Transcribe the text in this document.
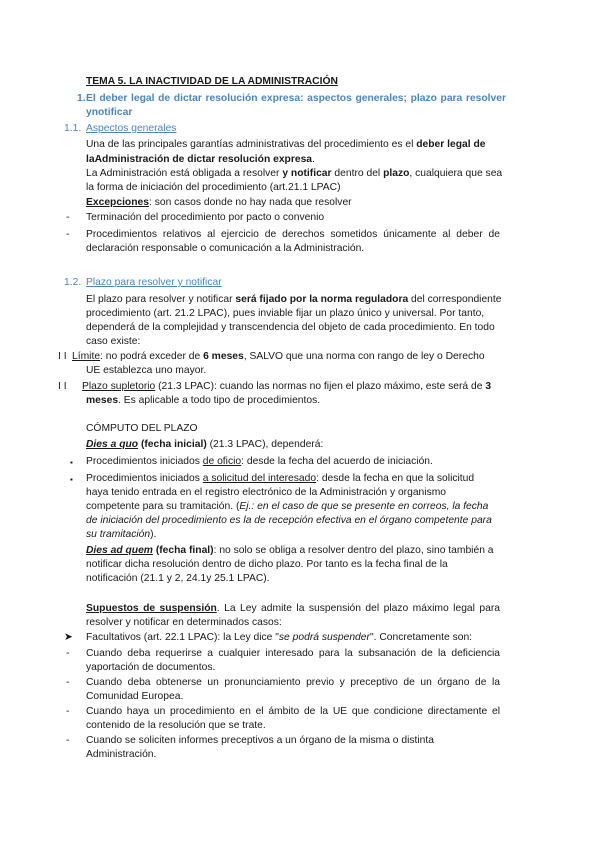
TEMA 5. LA INACTIVIDAD DE LA ADMINISTRACIÓN
1. El deber legal de dictar resolución expresa: aspectos generales; plazo para resolver
ynotificar
1.1. Aspectos generales
Una de las principales garantías administrativas del procedimiento es el deber legal de
laAdministración de dictar resolución expresa.
La Administración está obligada a resolver y notificar dentro del plazo, cualquiera que sea
la forma de iniciación del procedimiento (art.21.1 LPAC)
Excepciones: son casos donde no hay nada que resolver
- Terminación del procedimiento por pacto o convenio
- Procedimientos relativos al ejercicio de derechos sometidos únicamente al deber de
declaración responsable o comunicación a la Administración.
1.2. Plazo para resolver y notificar
El plazo para resolver y notificar será fijado por la norma reguladora del correspondiente
procedimiento (art. 21.2 LPAC), pues inviable fijar un plazo único y universal. Por tanto,
dependerá de la complejidad y transcendencia del objeto de cada procedimiento. En todo
caso existe:
I I Límite: no podrá exceder de 6 meses, SALVO que una norma con rango de ley o Derecho
UE establezca uno mayor.
I I Plazo supletorio (21.3 LPAC): cuando las normas no fijen el plazo máximo, este será de 3
meses. Es aplicable a todo tipo de procedimientos.
CÓMPUTO DEL PLAZO
Dies a quo (fecha inicial) (21.3 LPAC), dependerá:
▪ Procedimientos iniciados de oficio: desde la fecha del acuerdo de iniciación.
▪ Procedimientos iniciados a solicitud del interesado: desde la fecha en que la solicitud
haya tenido entrada en el registro electrónico de la Administración y organismo
competente para su tramitación. (Ej.: en el caso de que se presente en correos, la fecha
de iniciación del procedimiento es la de recepción efectiva en el órgano competente para
su tramitación).
Dies ad quem (fecha final): no solo se obliga a resolver dentro del plazo, sino también a
notificar dicha resolución dentro de dicho plazo. Por tanto es la fecha final de la
notificación (21.1 y 2, 24.1y 25.1 LPAC).
Supuestos de suspensión. La Ley admite la suspensión del plazo máximo legal para
resolver y notificar en determinados casos:
➤ Facultativos (art. 22.1 LPAC): la Ley dice "se podrá suspender". Concretamente son:
- Cuando deba requerirse a cualquier interesado para la subsanación de la deficiencia
yaportación de documentos.
- Cuando deba obtenerse un pronunciamiento previo y preceptivo de un órgano de la
Comunidad Europea.
- Cuando haya un procedimiento en el ámbito de la UE que condicione directamente el
contenido de la resolución que se trate.
- Cuando se soliciten informes preceptivos a un órgano de la misma o distinta
Administración.
